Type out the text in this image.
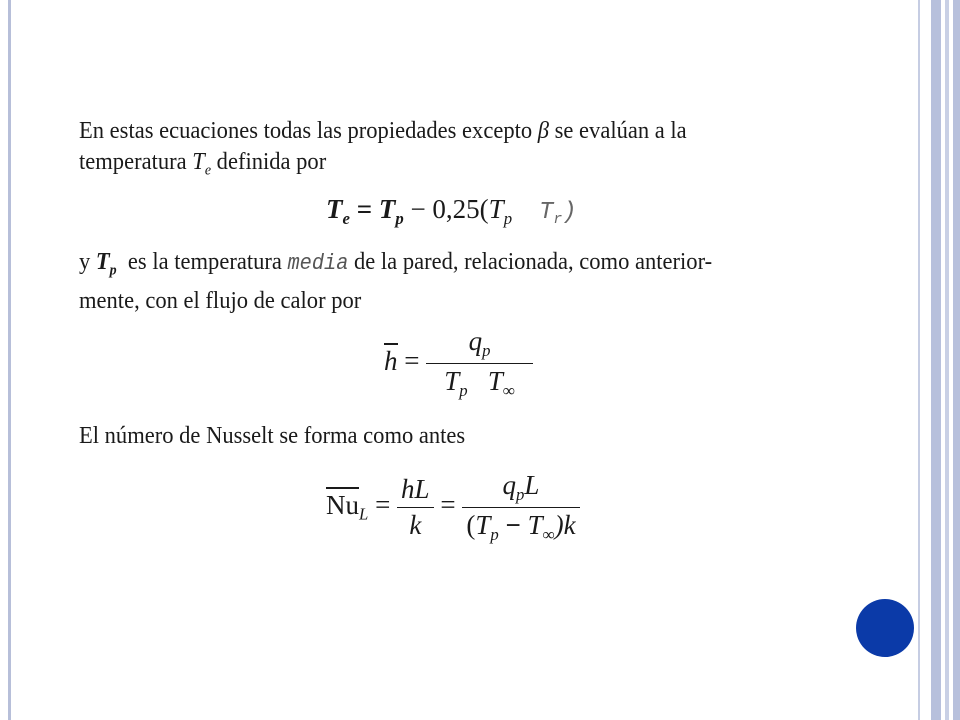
En estas ecuaciones todas las propiedades excepto β se evalúan a la
temperatura $T_e$ definida por
$T_e = T_p - 0,25(T_p$ $T_r$)
y $T_p$ es la temperatura media de la pared, relacionada, como anterior-
mente, con el flujo de calor por
$h = \frac{q_p}{T_p T_\infty}$
El número de Nusselt se forma como antes
$Nu_L = \frac{hL}{k} = \frac{q_pL}{(T_p - T_\infty)k}$
